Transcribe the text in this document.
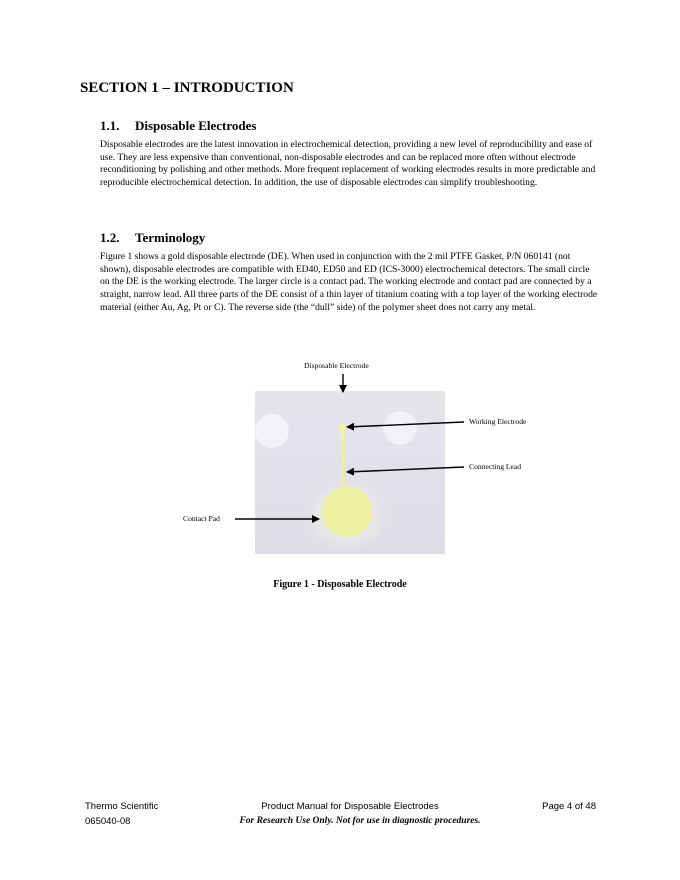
SECTION 1 – INTRODUCTION
1.1. Disposable Electrodes

Disposable electrodes are the latest innovation in electrochemical detection, providing a new level of reproducibility and ease of use. They are less expensive than conventional, non-disposable electrodes and can be replaced more often without electrode reconditioning by polishing and other methods. More frequent replacement of working electrodes results in more predictable and reproducible electrochemical detection. In addition, the use of disposable electrodes can simplify troubleshooting.

1.2. Terminology

Figure 1 shows a gold disposable electrode (DE). When used in conjunction with the 2 mil PTFE Gasket, P/N 060141 (not shown), disposable electrodes are compatible with ED40, ED50 and ED (ICS-3000) electrochemical detectors. The small circle on the DE is the working electrode. The larger circle is a contact pad. The working electrode and contact pad are connected by a straight, narrow lead. All three parts of the DE consist of a thin layer of titanium coating with a top layer of the working electrode material (either Au, Ag, Pt or C). The reverse side (the “dull” side) of the polymer sheet does not carry any metal.

Disposable Electrode
Working Electrode
Connecting Lead
Contact Pad
Figure 1 - Disposable Electrode
Thermo Scientific
065040-08
Product Manual for Disposable Electrodes
For Research Use Only. Not for use in diagnostic procedures.
Page 4 of 48
